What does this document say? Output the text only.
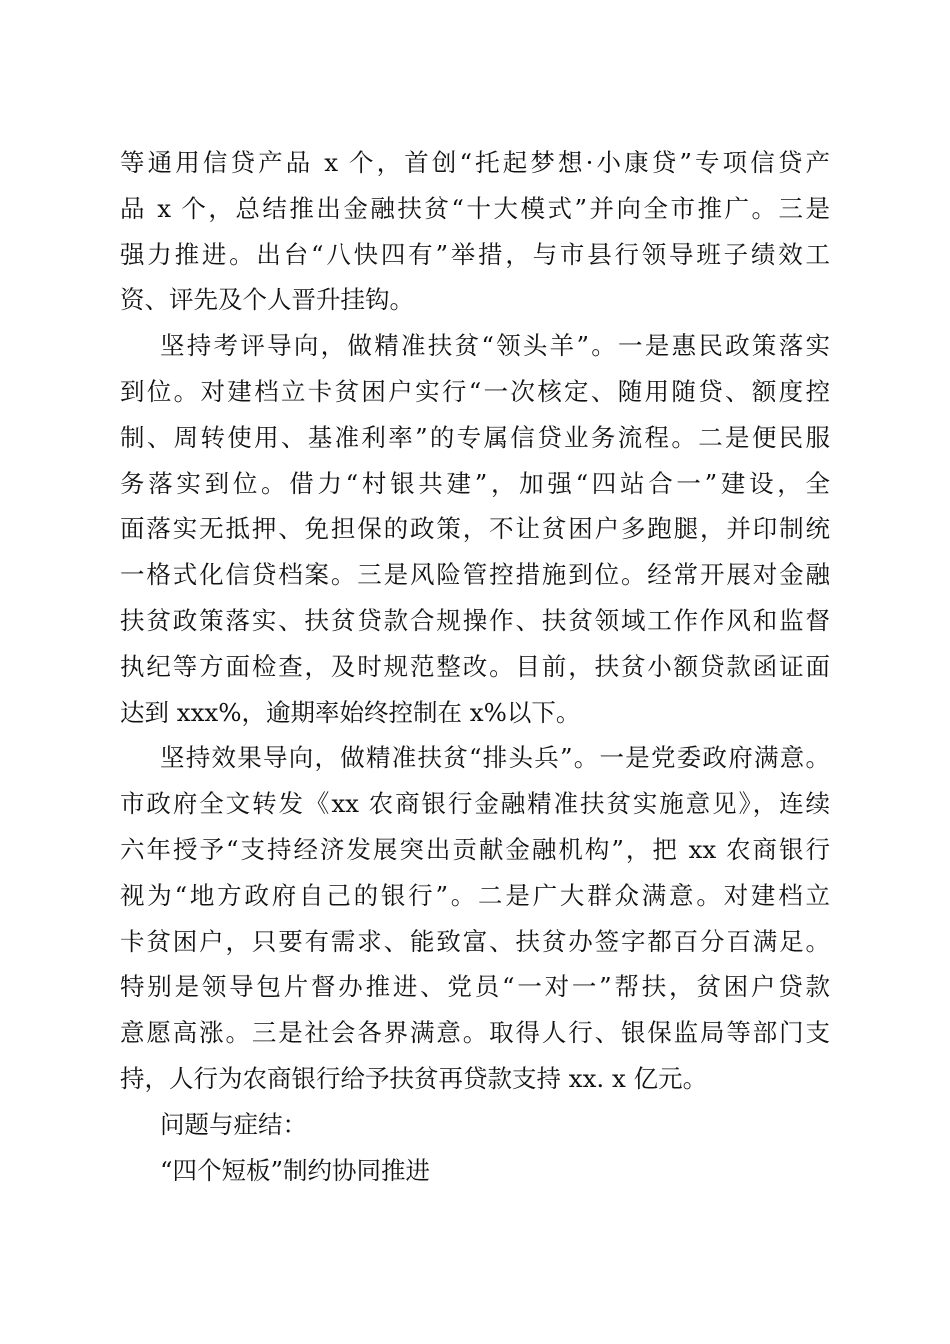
等通用信贷产品 x 个，首创“托起梦想·小康贷”专项信贷产
品 x 个，总结推出金融扶贫“十大模式”并向全市推广。三是
强力推进。出台“八快四有”举措，与市县行领导班子绩效工
资、评先及个人晋升挂钩。
坚持考评导向，做精准扶贫“领头羊”。一是惠民政策落实
到位。对建档立卡贫困户实行“一次核定、随用随贷、额度控
制、周转使用、基准利率”的专属信贷业务流程。二是便民服
务落实到位。借力“村银共建”，加强“四站合一”建设，全
面落实无抵押、免担保的政策，不让贫困户多跑腿，并印制统
一格式化信贷档案。三是风险管控措施到位。经常开展对金融
扶贫政策落实、扶贫贷款合规操作、扶贫领域工作作风和监督
执纪等方面检查，及时规范整改。目前，扶贫小额贷款函证面
达到 xxx%，逾期率始终控制在 x%以下。
坚持效果导向，做精准扶贫“排头兵”。一是党委政府满意。
市政府全文转发《xx 农商银行金融精准扶贫实施意见》，连续
六年授予“支持经济发展突出贡献金融机构”，把 xx 农商银行
视为“地方政府自己的银行”。二是广大群众满意。对建档立
卡贫困户，只要有需求、能致富、扶贫办签字都百分百满足。
特别是领导包片督办推进、党员“一对一”帮扶，贫困户贷款
意愿高涨。三是社会各界满意。取得人行、银保监局等部门支
持，人行为农商银行给予扶贫再贷款支持 xx. x 亿元。
问题与症结：
“四个短板”制约协同推进
